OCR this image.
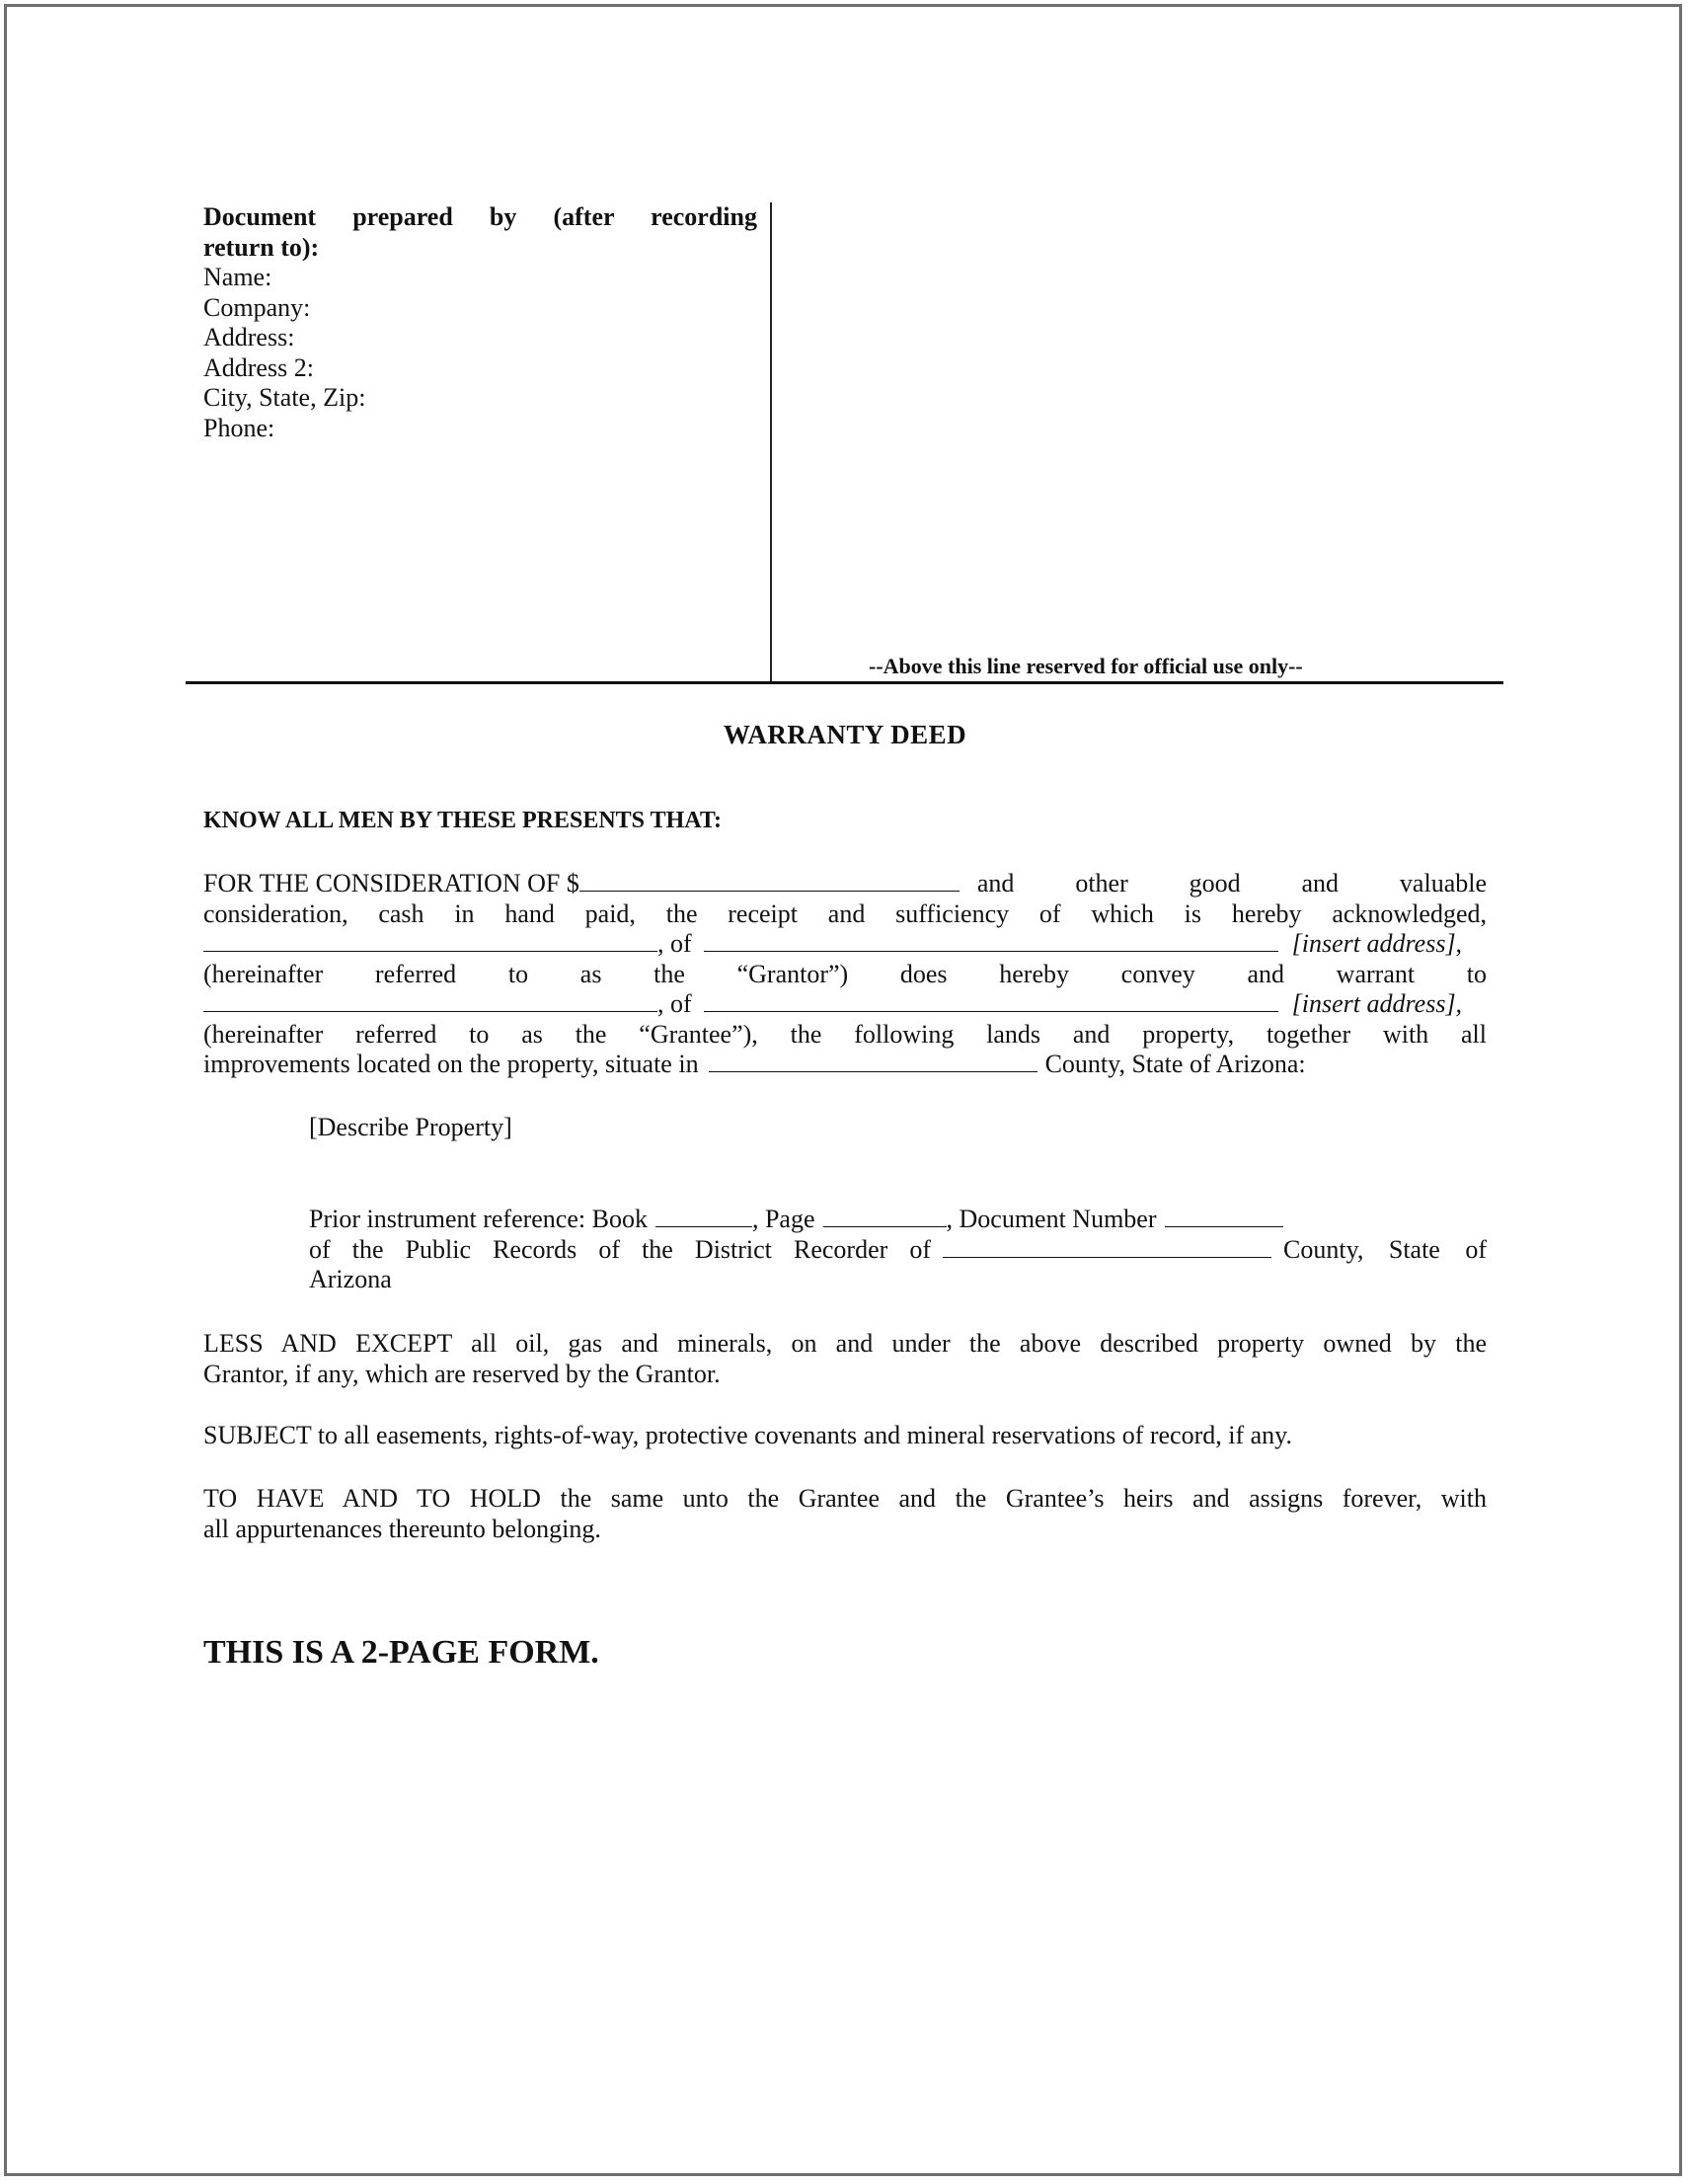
Document prepared by (after recording
return to):
Name:
Company:
Address:
Address 2:
City, State, Zip:
Phone:
--Above this line reserved for official use only--
WARRANTY DEED
KNOW ALL MEN BY THESE PRESENTS THAT:
FOR THE CONSIDERATION OF $	and other good and valuable
consideration, cash in hand paid, the receipt and sufficiency of which is hereby acknowledged,
, of	[insert address],
(hereinafter referred to as the “Grantor”) does hereby convey and warrant to
, of	[insert address],
(hereinafter referred to as the “Grantee”), the following lands and property, together with all
improvements located on the property, situate in	County, State of Arizona:
[Describe Property]
Prior instrument reference: Book	, Page	, Document Number
of the Public Records of the District Recorder of	County, State of
Arizona
LESS AND EXCEPT all oil, gas and minerals, on and under the above described property owned by the
Grantor, if any, which are reserved by the Grantor.
SUBJECT to all easements, rights-of-way, protective covenants and mineral reservations of record, if any.
TO HAVE AND TO HOLD the same unto the Grantee and the Grantee’s heirs and assigns forever, with
all appurtenances thereunto belonging.
THIS IS A 2-PAGE FORM.
